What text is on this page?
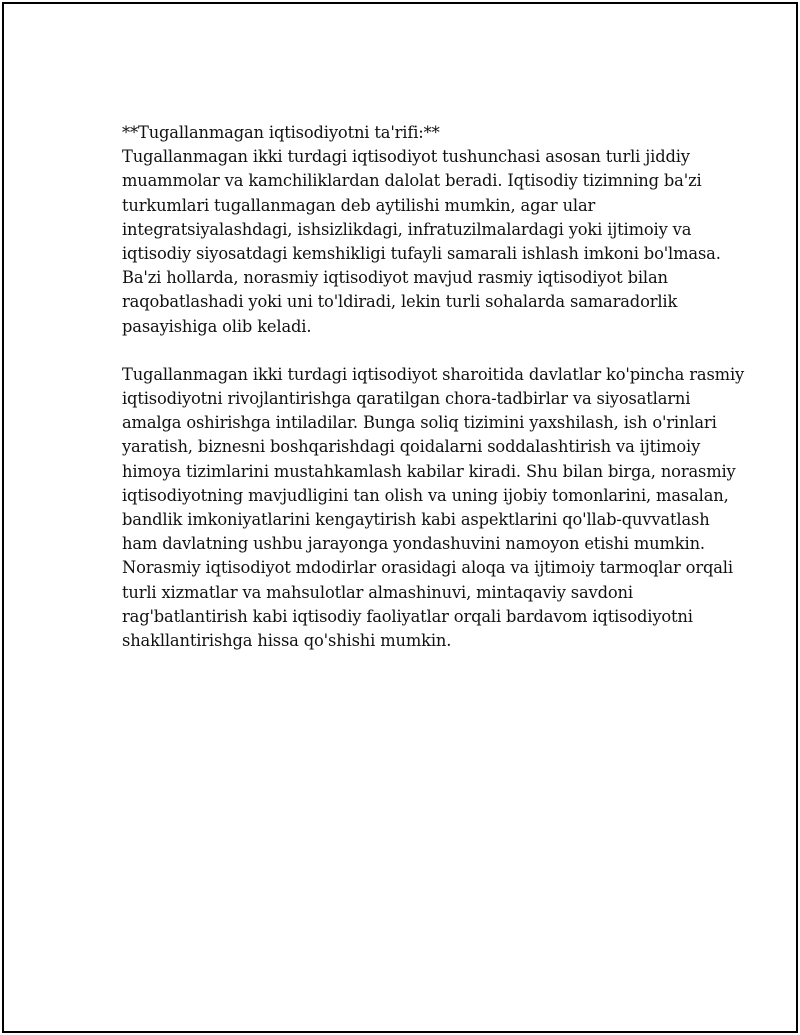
**Tugallanmagan iqtisodiyotni ta'rifi:**
Tugallanmagan ikki turdagi iqtisodiyot tushunchasi asosan turli jiddiy
muammolar va kamchiliklardan dalolat beradi. Iqtisodiy tizimning ba'zi
turkumlari tugallanmagan deb aytilishi mumkin, agar ular
integratsiyalashdagi, ishsizlikdagi, infratuzilmalardagi yoki ijtimoiy va
iqtisodiy siyosatdagi kemshikligi tufayli samarali ishlash imkoni bo'lmasa.
Ba'zi hollarda, norasmiy iqtisodiyot mavjud rasmiy iqtisodiyot bilan
raqobatlashadi yoki uni to'ldiradi, lekin turli sohalarda samaradorlik
pasayishiga olib keladi.
Tugallanmagan ikki turdagi iqtisodiyot sharoitida davlatlar ko'pincha rasmiy
iqtisodiyotni rivojlantirishga qaratilgan chora-tadbirlar va siyosatlarni
amalga oshirishga intiladilar. Bunga soliq tizimini yaxshilash, ish o'rinlari
yaratish, biznesni boshqarishdagi qoidalarni soddalashtirish va ijtimoiy
himoya tizimlarini mustahkamlash kabilar kiradi. Shu bilan birga, norasmiy
iqtisodiyotning mavjudligini tan olish va uning ijobiy tomonlarini, masalan,
bandlik imkoniyatlarini kengaytirish kabi aspektlarini qo'llab-quvvatlash
ham davlatning ushbu jarayonga yondashuvini namoyon etishi mumkin.
Norasmiy iqtisodiyot mdodirlar orasidagi aloqa va ijtimoiy tarmoqlar orqali
turli xizmatlar va mahsulotlar almashinuvi, mintaqaviy savdoni
rag'batlantirish kabi iqtisodiy faoliyatlar orqali bardavom iqtisodiyotni
shakllantirishga hissa qo'shishi mumkin.
